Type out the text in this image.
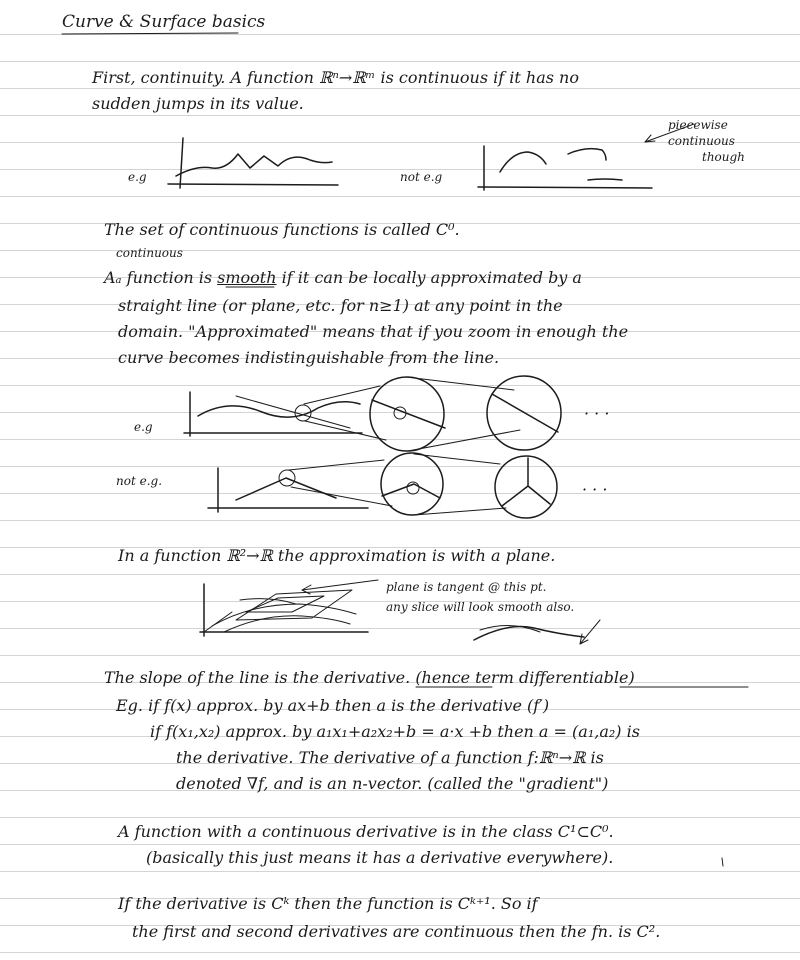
Curve & Surface basics
First, continuity. A function ℝⁿ→ℝᵐ is continuous if it has no
sudden jumps in its value.
e.g	not e.g
piecewise
continuous
though
The set of continuous functions is called C⁰.
continuous
Aₐ function is smooth if it can be locally approximated by a
straight line (or plane, etc. for n≥1) at any point in the
domain. "Approximated" means that if you zoom in enough the
curve becomes indistinguishable from the line.
e.g
not e.g.
· · ·
· · ·
In a function ℝ²→ℝ the approximation is with a plane.
plane is tangent @ this pt.
any slice will look smooth also.
The slope of the line is the derivative. (hence term differentiable)
Eg. if f(x) approx. by ax+b then a is the derivative (f′)
if f(x₁,x₂) approx. by a₁x₁+a₂x₂+b = a·x +b then a = (a₁,a₂) is
the derivative. The derivative of a function f:ℝⁿ→ℝ is
denoted ∇f, and is an n-vector. (called the "gradient")
A function with a continuous derivative is in the class C¹⊂C⁰.
(basically this just means it has a derivative everywhere).
If the derivative is Cᵏ then the function is Cᵏ⁺¹. So if
the first and second derivatives are continuous then the fn. is C².
